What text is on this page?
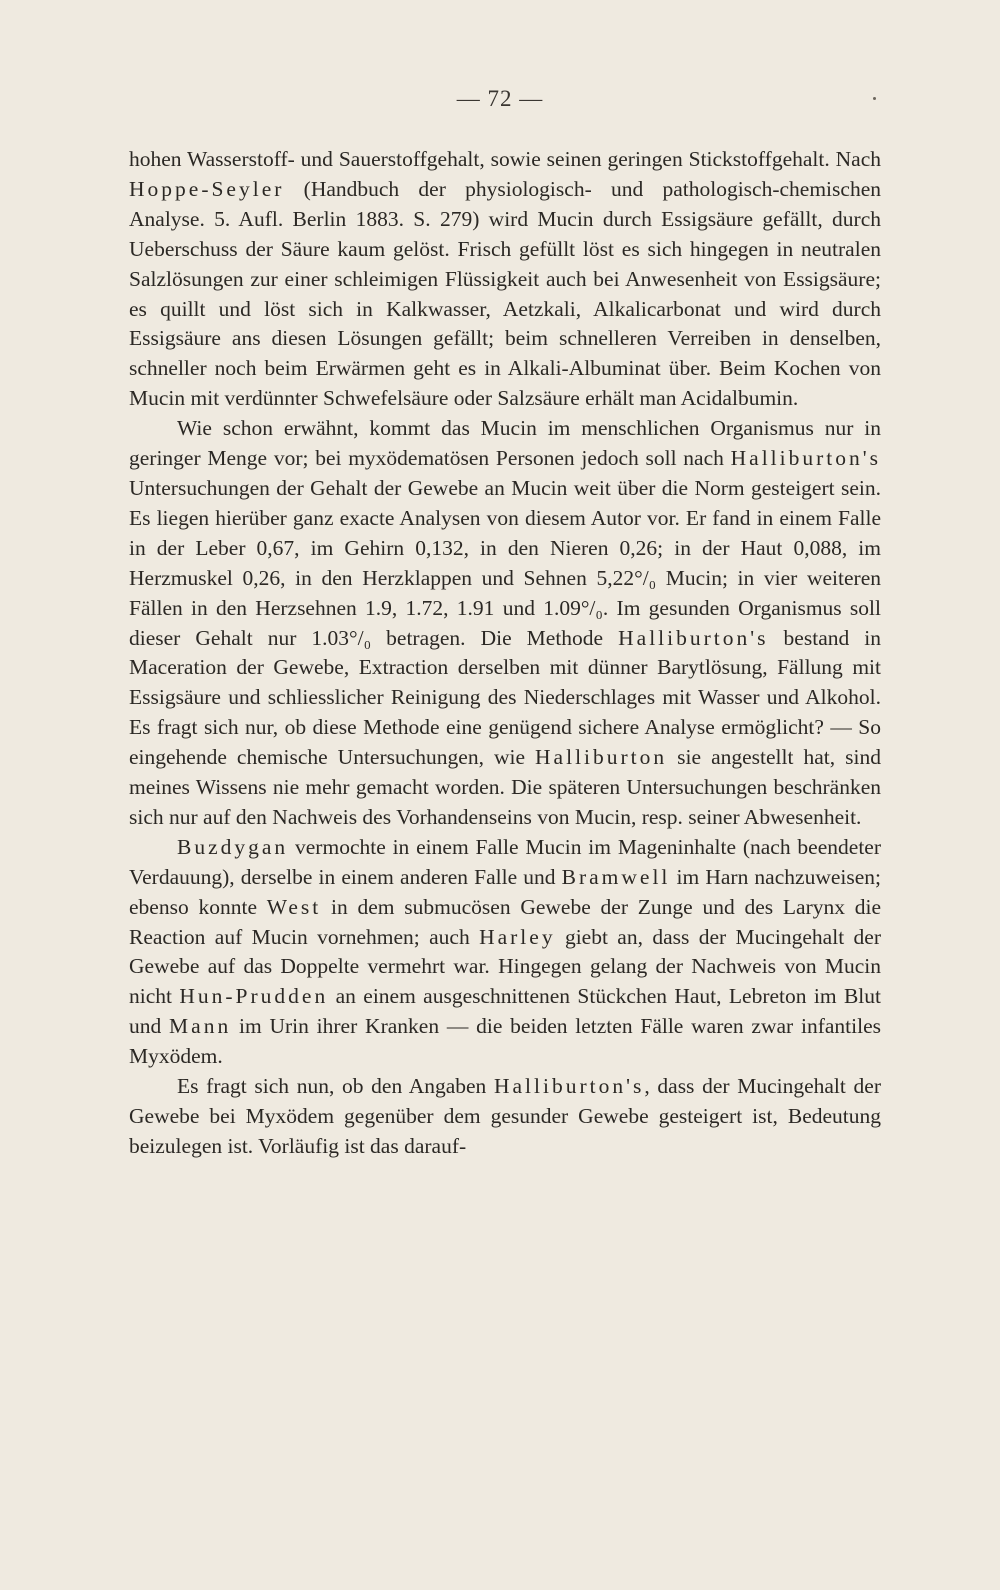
— 72 —

hohen Wasserstoff- und Sauerstoffgehalt, sowie seinen geringen Stickstoffgehalt. Nach Hoppe-Seyler (Handbuch der physiologisch- und pathologisch-chemischen Analyse. 5. Aufl. Berlin 1883. S. 279) wird Mucin durch Essigsäure gefällt, durch Ueberschuss der Säure kaum gelöst. Frisch gefüllt löst es sich hingegen in neutralen Salzlösungen zur einer schleimigen Flüssigkeit auch bei Anwesenheit von Essigsäure; es quillt und löst sich in Kalkwasser, Aetzkali, Alkalicarbonat und wird durch Essigsäure ans diesen Lösungen gefällt; beim schnelleren Verreiben in denselben, schneller noch beim Erwärmen geht es in Alkali-Albuminat über. Beim Kochen von Mucin mit verdünnter Schwefelsäure oder Salzsäure erhält man Acidalbumin.

Wie schon erwähnt, kommt das Mucin im menschlichen Organismus nur in geringer Menge vor; bei myxödematösen Personen jedoch soll nach Halliburton's Untersuchungen der Gehalt der Gewebe an Mucin weit über die Norm gesteigert sein. Es liegen hierüber ganz exacte Analysen von diesem Autor vor. Er fand in einem Falle in der Leber 0,67, im Gehirn 0,132, in den Nieren 0,26; in der Haut 0,088, im Herzmuskel 0,26, in den Herzklappen und Sehnen 5,22°/₀ Mucin; in vier weiteren Fällen in den Herzsehnen 1.9, 1.72, 1.91 und 1.09°/₀. Im gesunden Organismus soll dieser Gehalt nur 1.03°/₀ betragen. Die Methode Halliburton's bestand in Maceration der Gewebe, Extraction derselben mit dünner Barytlösung, Fällung mit Essigsäure und schliesslicher Reinigung des Niederschlages mit Wasser und Alkohol. Es fragt sich nur, ob diese Methode eine genügend sichere Analyse ermöglicht? — So eingehende chemische Untersuchungen, wie Halliburton sie angestellt hat, sind meines Wissens nie mehr gemacht worden. Die späteren Untersuchungen beschränken sich nur auf den Nachweis des Vorhandenseins von Mucin, resp. seiner Abwesenheit.

Buzdygan vermochte in einem Falle Mucin im Mageninhalte (nach beendeter Verdauung), derselbe in einem anderen Falle und Bramwell im Harn nachzuweisen; ebenso konnte West in dem submucösen Gewebe der Zunge und des Larynx die Reaction auf Mucin vornehmen; auch Harley giebt an, dass der Mucingehalt der Gewebe auf das Doppelte vermehrt war. Hingegen gelang der Nachweis von Mucin nicht Hun-Prudden an einem ausgeschnittenen Stückchen Haut, Lebreton im Blut und Mann im Urin ihrer Kranken — die beiden letzten Fälle waren zwar infantiles Myxödem.

Es fragt sich nun, ob den Angaben Halliburton's, dass der Mucingehalt der Gewebe bei Myxödem gegenüber dem gesunder Gewebe gesteigert ist, Bedeutung beizulegen ist. Vorläufig ist das darauf-
